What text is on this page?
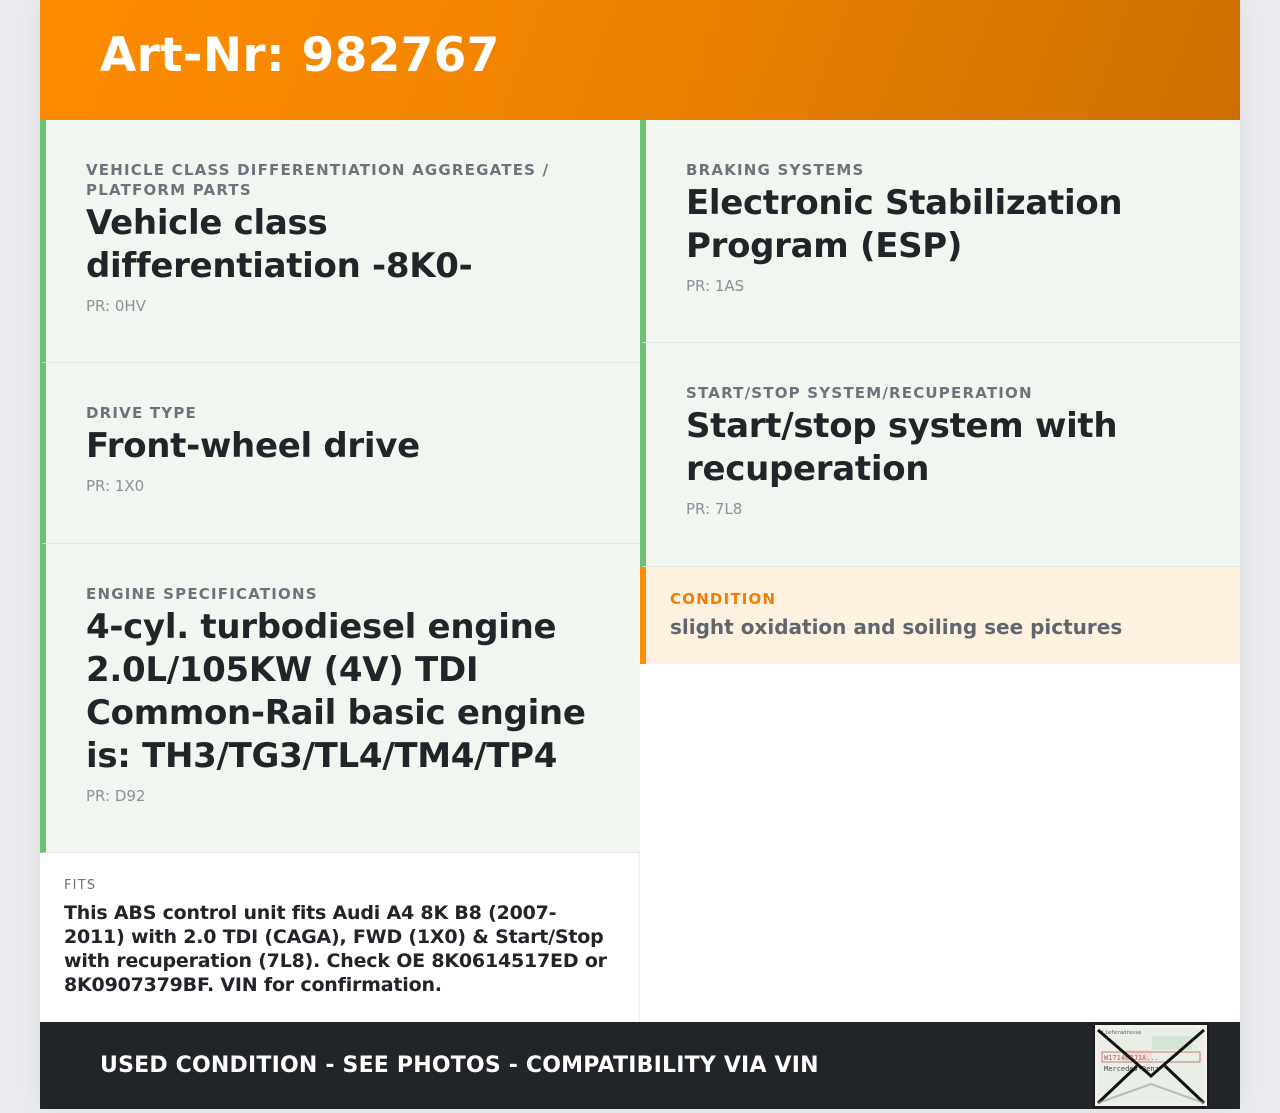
Art-Nr: 982767
VEHICLE CLASS DIFFERENTIATION AGGREGATES / PLATFORM PARTS
Vehicle class differentiation -8K0-
PR: 0HV
DRIVE TYPE
Front-wheel drive
PR: 1X0
ENGINE SPECIFICATIONS
4-cyl. turbodiesel engine 2.0L/105KW (4V) TDI Common-Rail basic engine is: TH3/TG3/TL4/TM4/TP4
PR: D92
BRAKING SYSTEMS
Electronic Stabilization Program (ESP)
PR: 1AS
START/STOP SYSTEM/RECUPERATION
Start/stop system with recuperation
PR: 7L8
CONDITION
slight oxidation and soiling see pictures
FITS
This ABS control unit fits Audi A4 8K B8 (2007-2011) with 2.0 TDI (CAGA), FWD (1X0) & Start/Stop with recuperation (7L8). Check OE 8K0614517ED or 8K0907379BF. VIN for confirmation.
USED CONDITION - SEE PHOTOS - COMPATIBILITY VIA VIN
Lieferadresse
W171462J1A...
Mercedes-Benz
